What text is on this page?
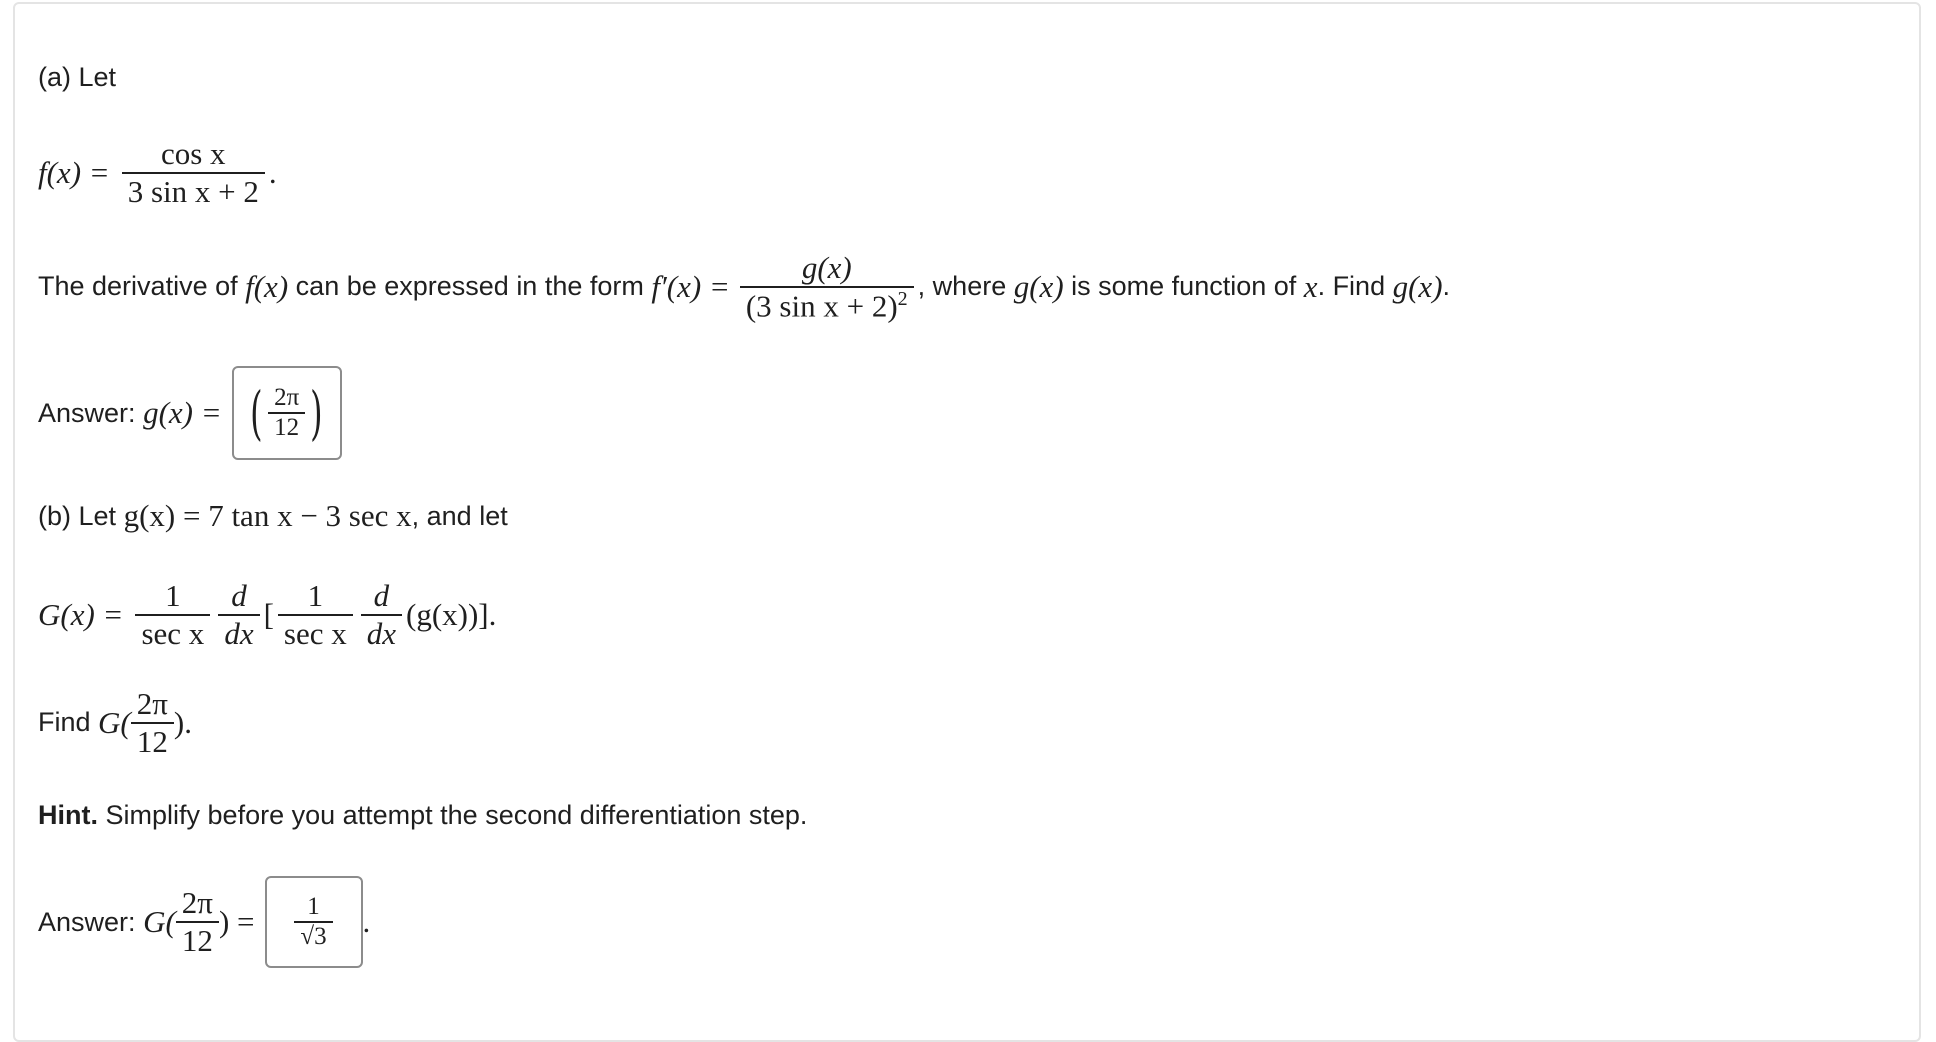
(a) Let
$f(x) = \frac{\text{cos x}}{\text{3 sin x + 2}}$ .
The derivative of
f(x)
can be expressed in the form
$f'(x) = \frac{g(x)}{(3 \sin x + 2)^2}$ , where
g(x)
is some function of
x . Find
g(x) .
Answer:
g(x) = ( $\frac{2\pi}{12}$ )
(b) Let
g(x) = 7 tan x − 3 sec x , and let
$G(x) = \frac{1}{\text{sec x}} \frac{d}{dx}$ [ $\frac{1}{\text{sec x}} \frac{d}{dx} (g(x))$].
Find
$G( \frac{2\pi}{12}$ ).
Hint.
Simplify before you attempt the second differentiation step.
Answer:
$G( \frac{2\pi}{12}$ ) = $\frac{1}{√3}$ .
